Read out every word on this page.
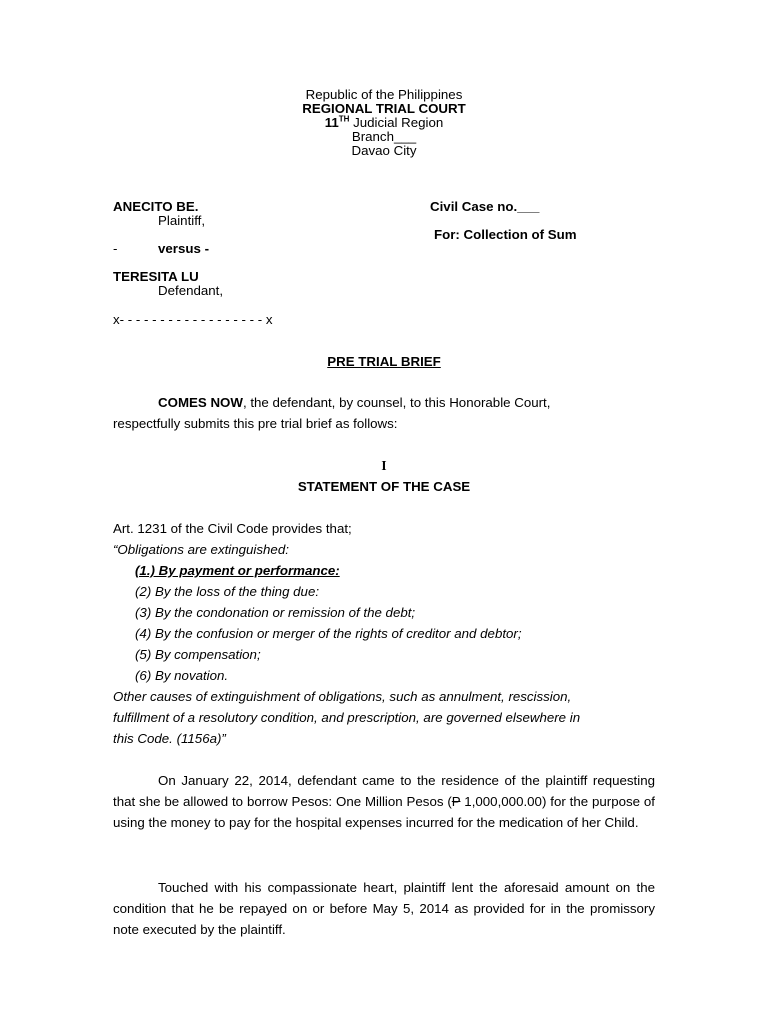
Republic of the Philippines
REGIONAL TRIAL COURT
11TH Judicial Region
Branch___
Davao City
ANECITO BE.
Plaintiff,
Civil Case no.___
For: Collection of Sum
-	versus -
TERESITA LU
Defendant,
x- - - - - - - - - - - - - - - - - - x
PRE TRIAL BRIEF
COMES NOW, the defendant, by counsel, to this Honorable Court,
respectfully submits this pre trial brief as follows:
I
STATEMENT OF THE CASE
Art. 1231 of the Civil Code provides that;
“Obligations are extinguished:
(1.) By payment or performance:
(2) By the loss of the thing due:
(3) By the condonation or remission of the debt;
(4) By the confusion or merger of the rights of creditor and debtor;
(5) By compensation;
(6) By novation.
Other causes of extinguishment of obligations, such as annulment, rescission,
fulfillment of a resolutory condition, and prescription, are governed elsewhere in
this Code. (1156a)”
On January 22, 2014, defendant came to the residence of the plaintiff requesting that she be allowed to borrow Pesos: One Million Pesos (P 1,000,000.00) for the purpose of using the money to pay for the hospital expenses incurred for the medication of her Child.
Touched with his compassionate heart, plaintiff lent the aforesaid amount on the condition that he be repayed on or before May 5, 2014 as provided for in the promissory note executed by the plaintiff.
